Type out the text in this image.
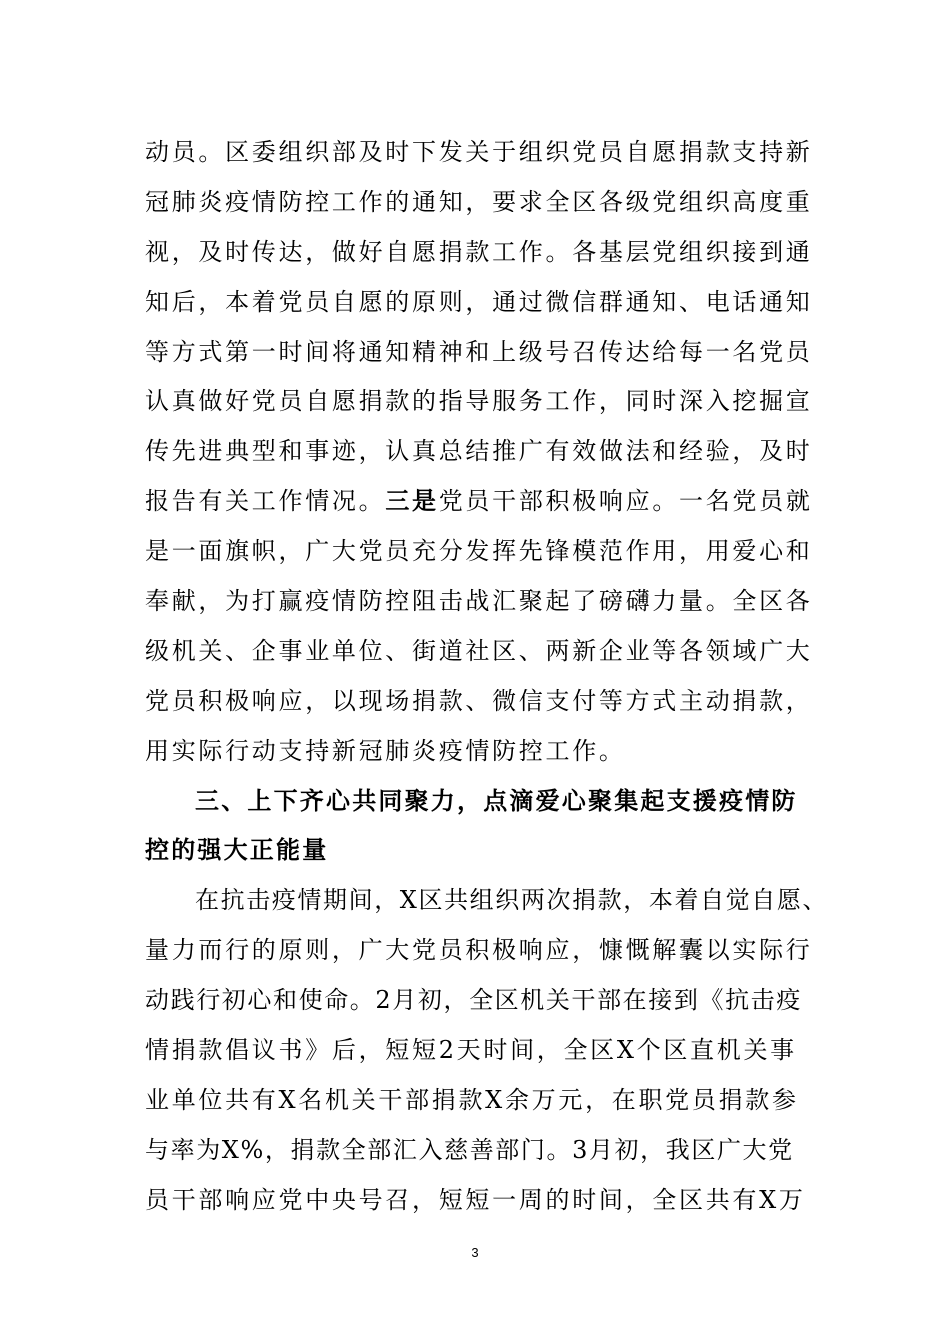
动员。区委组织部及时下发关于组织党员自愿捐款支持新
冠肺炎疫情防控工作的通知，要求全区各级党组织高度重
视，及时传达，做好自愿捐款工作。各基层党组织接到通
知后，本着党员自愿的原则，通过微信群通知、电话通知
等方式第一时间将通知精神和上级号召传达给每一名党员
认真做好党员自愿捐款的指导服务工作，同时深入挖掘宣
传先进典型和事迹，认真总结推广有效做法和经验，及时
报告有关工作情况。三是党员干部积极响应。一名党员就
是一面旗帜，广大党员充分发挥先锋模范作用，用爱心和
奉献，为打赢疫情防控阻击战汇聚起了磅礴力量。全区各
级机关、企事业单位、街道社区、两新企业等各领域广大
党员积极响应，以现场捐款、微信支付等方式主动捐款，
用实际行动支持新冠肺炎疫情防控工作。
三、上下齐心共同聚力，点滴爱心聚集起支援疫情防
控的强大正能量
在抗击疫情期间，X区共组织两次捐款，本着自觉自愿、
量力而行的原则，广大党员积极响应，慷慨解囊以实际行
动践行初心和使命。2月初，全区机关干部在接到《抗击疫
情捐款倡议书》后，短短2天时间，全区X个区直机关事
业单位共有X名机关干部捐款X余万元，在职党员捐款参
与率为X%，捐款全部汇入慈善部门。3月初，我区广大党
员干部响应党中央号召，短短一周的时间，全区共有X万
3
